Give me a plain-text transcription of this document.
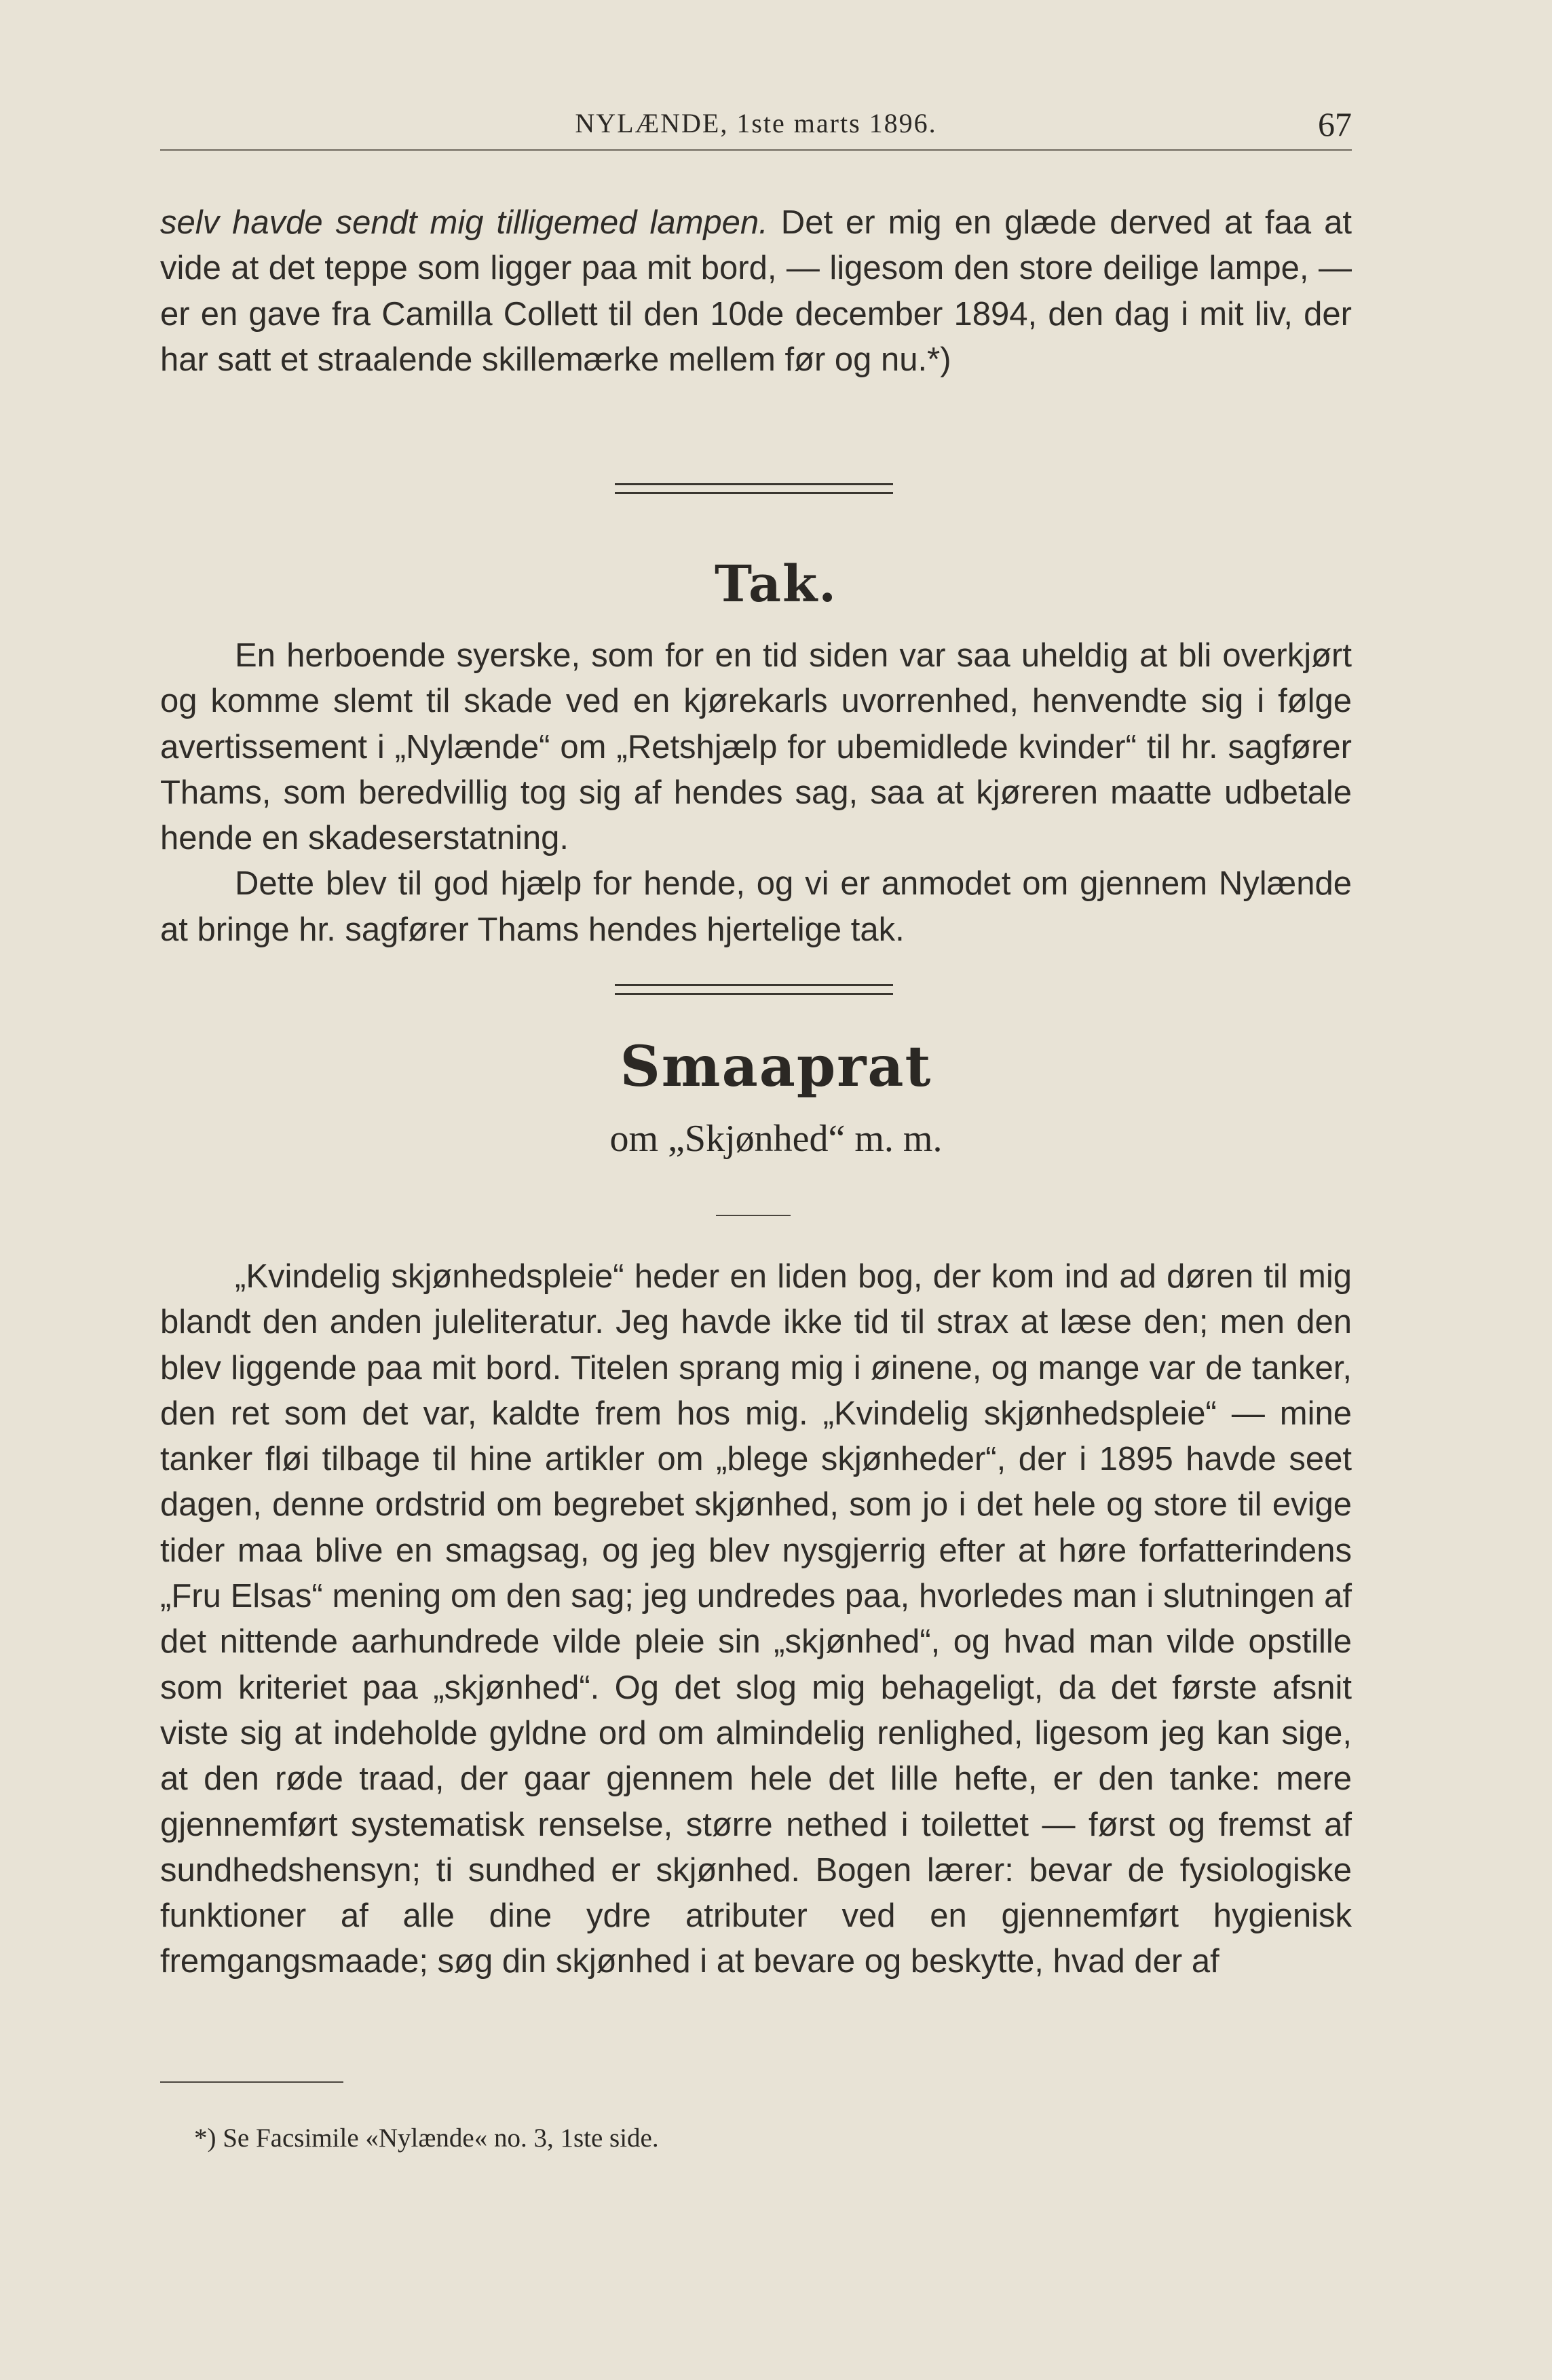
NYLÆNDE, 1ste marts 1896.	67

selv havde sendt mig tilligemed lampen. Det er mig en glæde derved at faa at vide at det teppe som ligger paa mit bord, — ligesom den store deilige lampe, — er en gave fra Camilla Collett til den 10de december 1894, den dag i mit liv, der har satt et straalende skillemærke mellem før og nu.*)

Tak.

En herboende syerske, som for en tid siden var saa uheldig at bli overkjørt og komme slemt til skade ved en kjørekarls uvorrenhed, henvendte sig i følge avertissement i „Nylænde“ om „Retshjælp for ubemidlede kvinder“ til hr. sagfører Thams, som beredvillig tog sig af hendes sag, saa at kjøreren maatte udbetale hende en skadeserstatning.

Dette blev til god hjælp for hende, og vi er anmodet om gjennem Nylænde at bringe hr. sagfører Thams hendes hjertelige tak.

Smaaprat
om „Skjønhed“ m. m.

„Kvindelig skjønhedspleie“ heder en liden bog, der kom ind ad døren til mig blandt den anden juleliteratur. Jeg havde ikke tid til strax at læse den; men den blev liggende paa mit bord. Titelen sprang mig i øinene, og mange var de tanker, den ret som det var, kaldte frem hos mig. „Kvindelig skjønhedspleie“ — mine tanker fløi tilbage til hine artikler om „blege skjønheder“, der i 1895 havde seet dagen, denne ordstrid om begrebet skjønhed, som jo i det hele og store til evige tider maa blive en smagsag, og jeg blev nysgjerrig efter at høre forfatterindens „Fru Elsas“ mening om den sag; jeg undredes paa, hvorledes man i slutningen af det nittende aarhundrede vilde pleie sin „skjønhed“, og hvad man vilde opstille som kriteriet paa „skjønhed“. Og det slog mig behageligt, da det første afsnit viste sig at indeholde gyldne ord om almindelig renlighed, ligesom jeg kan sige, at den røde traad, der gaar gjennem hele det lille hefte, er den tanke: mere gjennemført systematisk renselse, større nethed i toilettet — først og fremst af sundhedshensyn; ti sundhed er skjønhed. Bogen lærer: bevar de fysiologiske funktioner af alle dine ydre atributer ved en gjennemført hygienisk fremgangsmaade; søg din skjønhed i at bevare og beskytte, hvad der af

*) Se Facsimile «Nylænde« no. 3, 1ste side.
